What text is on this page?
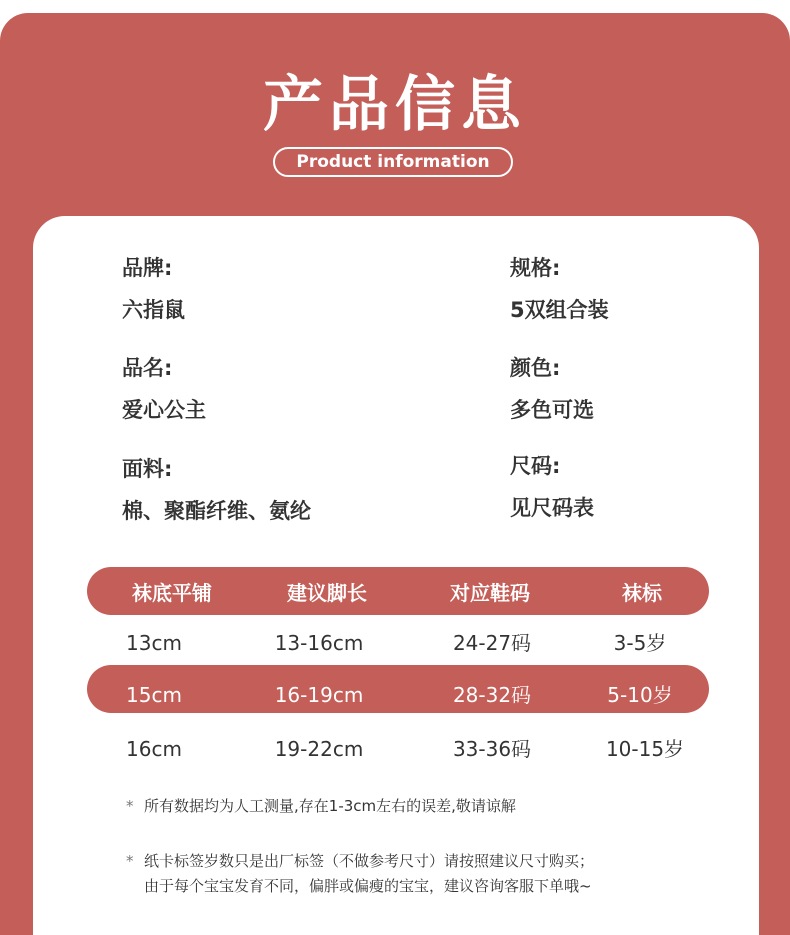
产品信息
Product information
品牌:
六指鼠
品名:
爱心公主
面料:
棉、聚酯纤维、氨纶
规格:
5双组合装
颜色:
多色可选
尺码:
见尺码表
袜底平铺	建议脚长	对应鞋码	袜标
13cm	13-16cm	24-27码	3-5岁
15cm	16-19cm	28-32码	5-10岁
16cm	19-22cm	33-36码	10-15岁
* 所有数据均为人工测量,存在1-3cm左右的误差,敬请谅解
* 纸卡标签岁数只是出厂标签（不做参考尺寸）请按照建议尺寸购买；
由于每个宝宝发育不同，偏胖或偏瘦的宝宝，建议咨询客服下单哦~
